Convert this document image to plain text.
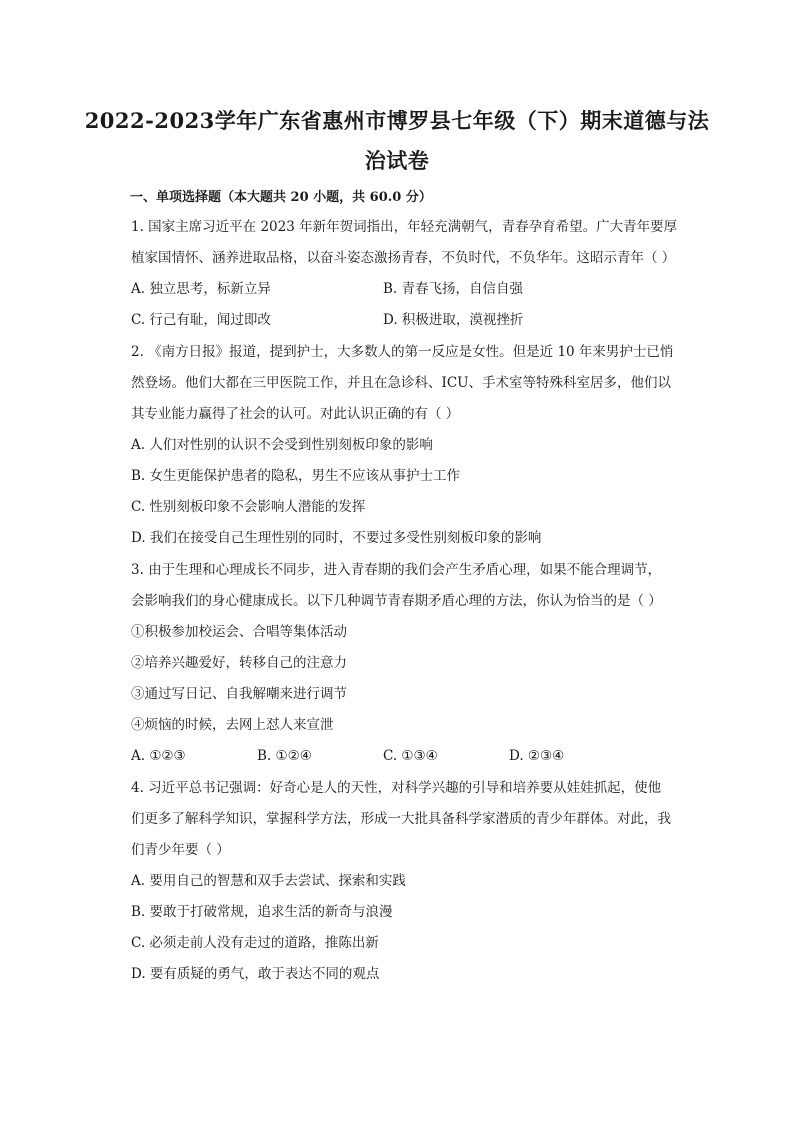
2022-2023学年广东省惠州市博罗县七年级（下）期末道德与法
治试卷
一、单项选择题（本大题共 20 小题，共 60.0 分）
1. 国家主席习近平在 2023 年新年贺词指出，年轻充满朝气，青春孕育希望。广大青年要厚
植家国情怀、涵养进取品格，以奋斗姿态激扬青春，不负时代，不负华年。这昭示青年（ ）
A. 独立思考，标新立异	B. 青春飞扬，自信自强
C. 行己有耻，闻过即改	D. 积极进取，漠视挫折
2. 《南方日报》报道，提到护士，大多数人的第一反应是女性。但是近 10 年来男护士已悄
然登场。他们大都在三甲医院工作，并且在急诊科、ICU、手术室等特殊科室居多，他们以
其专业能力赢得了社会的认可。对此认识正确的有（ ）
A. 人们对性别的认识不会受到性别刻板印象的影响
B. 女生更能保护患者的隐私，男生不应该从事护士工作
C. 性别刻板印象不会影响人潜能的发挥
D. 我们在接受自己生理性别的同时，不要过多受性别刻板印象的影响
3. 由于生理和心理成长不同步，进入青春期的我们会产生矛盾心理，如果不能合理调节，
会影响我们的身心健康成长。以下几种调节青春期矛盾心理的方法，你认为恰当的是（ ）
①积极参加校运会、合唱等集体活动
②培养兴趣爱好，转移自己的注意力
③通过写日记、自我解嘲来进行调节
④烦恼的时候，去网上怼人来宣泄
A. ①②③	B. ①②④	C. ①③④	D. ②③④
4. 习近平总书记强调：好奇心是人的天性，对科学兴趣的引导和培养要从娃娃抓起，使他
们更多了解科学知识，掌握科学方法，形成一大批具备科学家潜质的青少年群体。对此，我
们青少年要（ ）
A. 要用自己的智慧和双手去尝试、探索和实践
B. 要敢于打破常规，追求生活的新奇与浪漫
C. 必须走前人没有走过的道路，推陈出新
D. 要有质疑的勇气，敢于表达不同的观点
